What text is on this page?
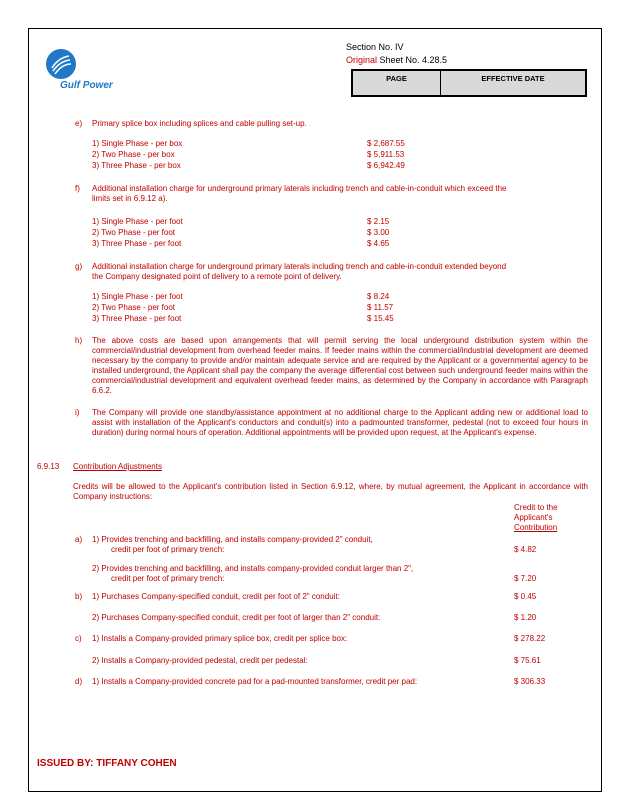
Gulf Power
Section No. IV
Original Sheet No. 4.28.5
PAGE	EFFECTIVE DATE
e) Primary splice box including splices and cable pulling set-up.
1) Single Phase - per box	$ 2,687.55
2) Two Phase - per box	$ 5,911.53
3) Three Phase - per box	$ 6,942.49
f) Additional installation charge for underground primary laterals including trench and cable-in-conduit which exceed the
limits set in 6.9.12 a).
1) Single Phase - per foot	$ 2.15
2) Two Phase - per foot	$ 3.00
3) Three Phase - per foot	$ 4.65
g) Additional installation charge for underground primary laterals including trench and cable-in-conduit extended beyond
the Company designated point of delivery to a remote point of delivery.
1) Single Phase - per foot	$ 8.24
2) Two Phase - per foot	$ 11.57
3) Three Phase - per foot	$ 15.45
h) The above costs are based upon arrangements that will permit serving the local underground distribution system within the commercial/industrial development from overhead feeder mains. If feeder mains within the commercial/industrial development are deemed necessary by the company to provide and/or maintain adequate service and are required by the Applicant or a governmental agency to be installed underground, the Applicant shall pay the company the average differential cost between such underground feeder mains within the commercial/industrial development and equivalent overhead feeder mains, as determined by the Company in accordance with Paragraph 6.6.2.
i) The Company will provide one standby/assistance appointment at no additional charge to the Applicant adding new or additional load to assist with installation of the Applicant's conductors and conduit(s) into a padmounted transformer, pedestal (not to exceed four hours in duration) during normal hours of operation. Additional appointments will be provided upon request, at the Applicant's expense.
6.9.13 Contribution Adjustments
Credits will be allowed to the Applicant's contribution listed in Section 6.9.12, where, by mutual agreement, the Applicant in accordance with Company instructions:
Credit to the
Applicant's
Contribution
a) 1) Provides trenching and backfilling, and installs company-provided 2" conduit,
credit per foot of primary trench:	$ 4.82
2) Provides trenching and backfilling, and installs company-provided conduit larger than 2",
credit per foot of primary trench:	$ 7.20
b) 1) Purchases Company-specified conduit, credit per foot of 2" conduit:	$ 0.45
2) Purchases Company-specified conduit, credit per foot of larger than 2" conduit:	$ 1.20
c) 1) Installs a Company-provided primary splice box, credit per splice box:	$ 278.22
2) Installs a Company-provided pedestal, credit per pedestal:	$ 75.61
d) 1) Installs a Company-provided concrete pad for a pad-mounted transformer, credit per pad:	$ 306.33
ISSUED BY: TIFFANY COHEN
